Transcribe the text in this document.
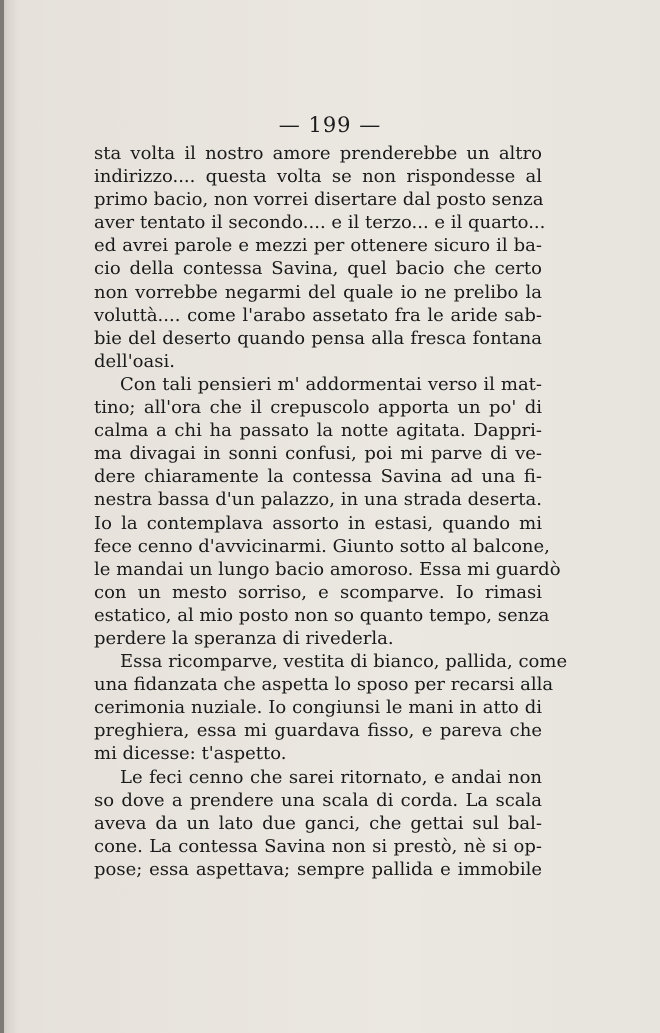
— 199 —
sta volta il nostro amore prenderebbe un altro
indirizzo.... questa volta se non rispondesse al
primo bacio, non vorrei disertare dal posto senza
aver tentato il secondo.... e il terzo... e il quarto...
ed avrei parole e mezzi per ottenere sicuro il ba-
cio della contessa Savina, quel bacio che certo
non vorrebbe negarmi del quale io ne prelibo la
voluttà.... come l'arabo assetato fra le aride sab-
bie del deserto quando pensa alla fresca fontana
dell'oasi.
Con tali pensieri m' addormentai verso il mat-
tino; all'ora che il crepuscolo apporta un po' di
calma a chi ha passato la notte agitata. Dappri-
ma divagai in sonni confusi, poi mi parve di ve-
dere chiaramente la contessa Savina ad una fi-
nestra bassa d'un palazzo, in una strada deserta.
Io la contemplava assorto in estasi, quando mi
fece cenno d'avvicinarmi. Giunto sotto al balcone,
le mandai un lungo bacio amoroso. Essa mi guardò
con un mesto sorriso, e scomparve. Io rimasi
estatico, al mio posto non so quanto tempo, senza
perdere la speranza di rivederla.
Essa ricomparve, vestita di bianco, pallida, come
una fidanzata che aspetta lo sposo per recarsi alla
cerimonia nuziale. Io congiunsi le mani in atto di
preghiera, essa mi guardava fisso, e pareva che
mi dicesse: t'aspetto.
Le feci cenno che sarei ritornato, e andai non
so dove a prendere una scala di corda. La scala
aveva da un lato due ganci, che gettai sul bal-
cone. La contessa Savina non si prestò, nè si op-
pose; essa aspettava; sempre pallida e immobile
